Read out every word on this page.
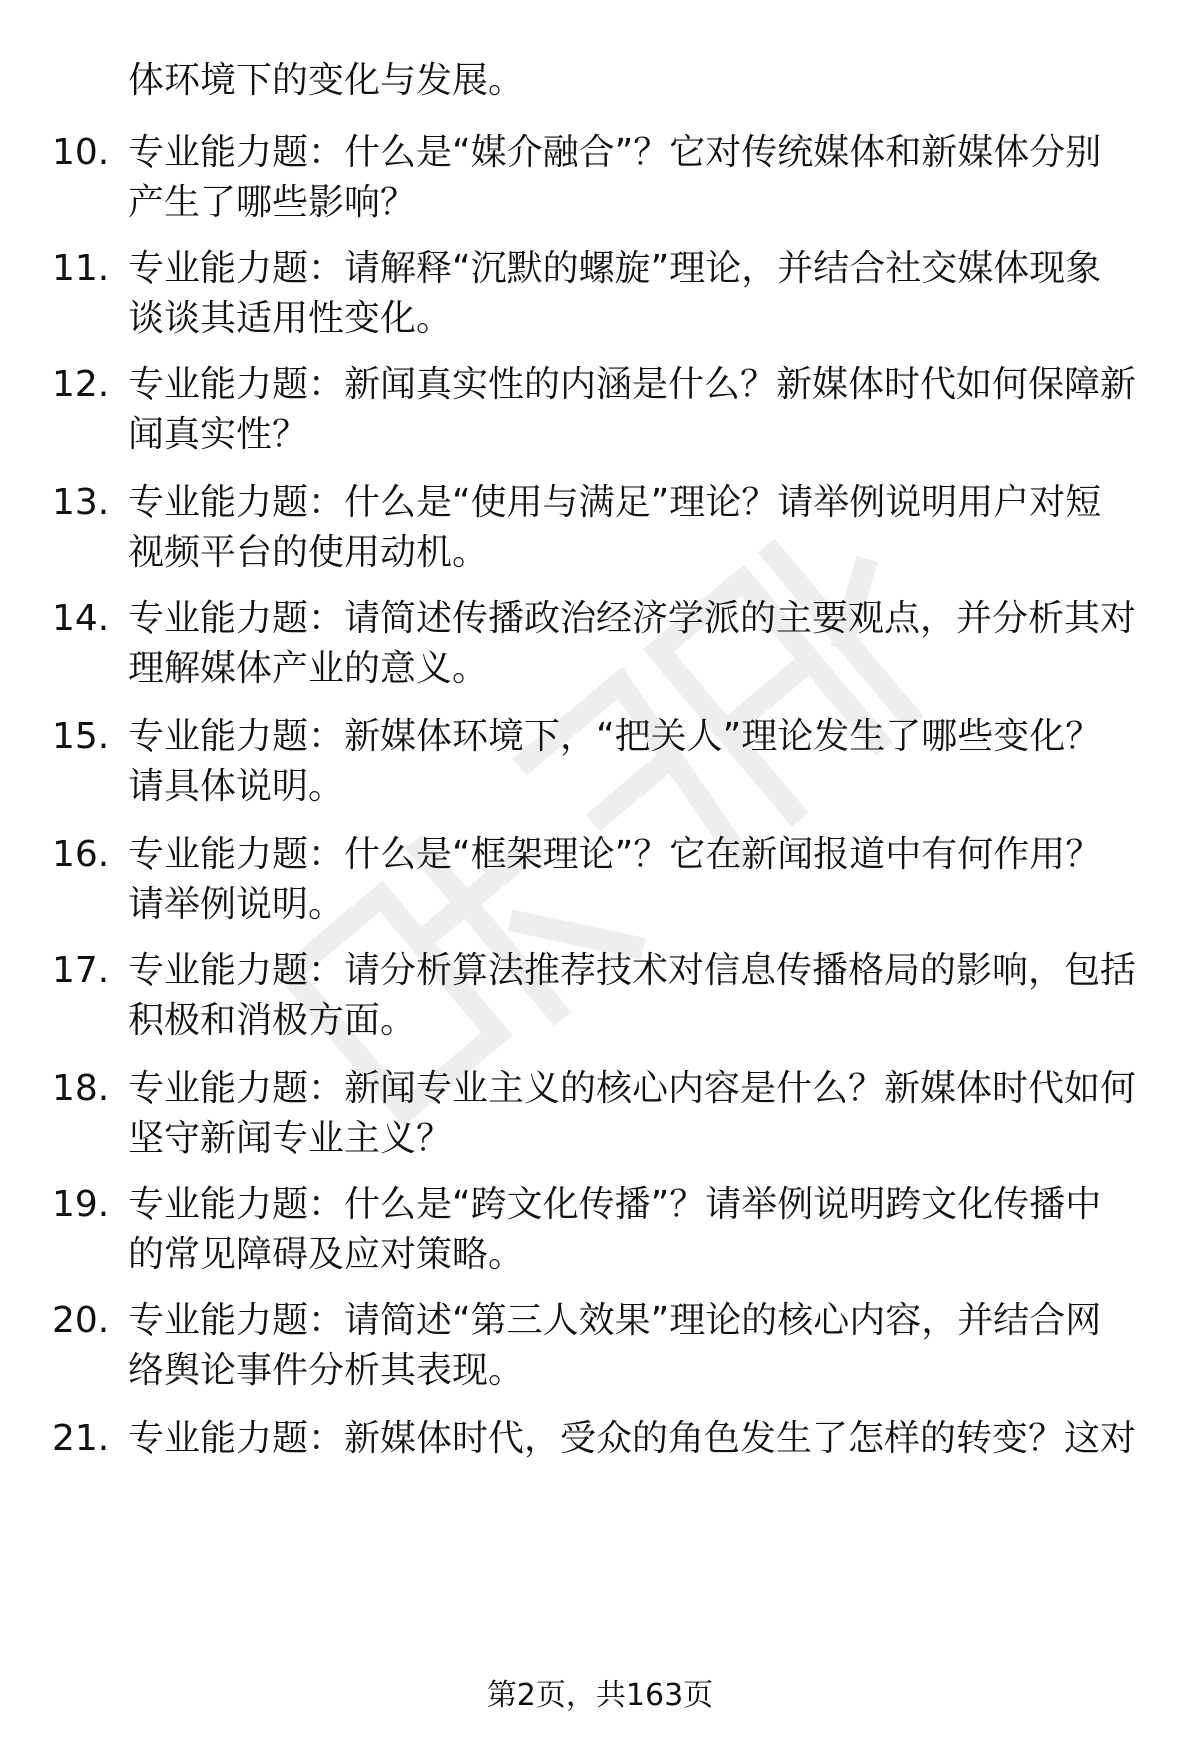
体环境下的变化与发展。
10. 专业能力题：什么是“媒介融合”？它对传统媒体和新媒体分别
产生了哪些影响？
11. 专业能力题：请解释“沉默的螺旋”理论，并结合社交媒体现象
谈谈其适用性变化。
12. 专业能力题：新闻真实性的内涵是什么？新媒体时代如何保障新
闻真实性？
13. 专业能力题：什么是“使用与满足”理论？请举例说明用户对短
视频平台的使用动机。
14. 专业能力题：请简述传播政治经济学派的主要观点，并分析其对
理解媒体产业的意义。
15. 专业能力题：新媒体环境下，“把关人”理论发生了哪些变化？
请具体说明。
16. 专业能力题：什么是“框架理论”？它在新闻报道中有何作用？
请举例说明。
17. 专业能力题：请分析算法推荐技术对信息传播格局的影响，包括
积极和消极方面。
18. 专业能力题：新闻专业主义的核心内容是什么？新媒体时代如何
坚守新闻专业主义？
19. 专业能力题：什么是“跨文化传播”？请举例说明跨文化传播中
的常见障碍及应对策略。
20. 专业能力题：请简述“第三人效果”理论的核心内容，并结合网
络舆论事件分析其表现。
21. 专业能力题：新媒体时代，受众的角色发生了怎样的转变？这对
第2页，共163页
